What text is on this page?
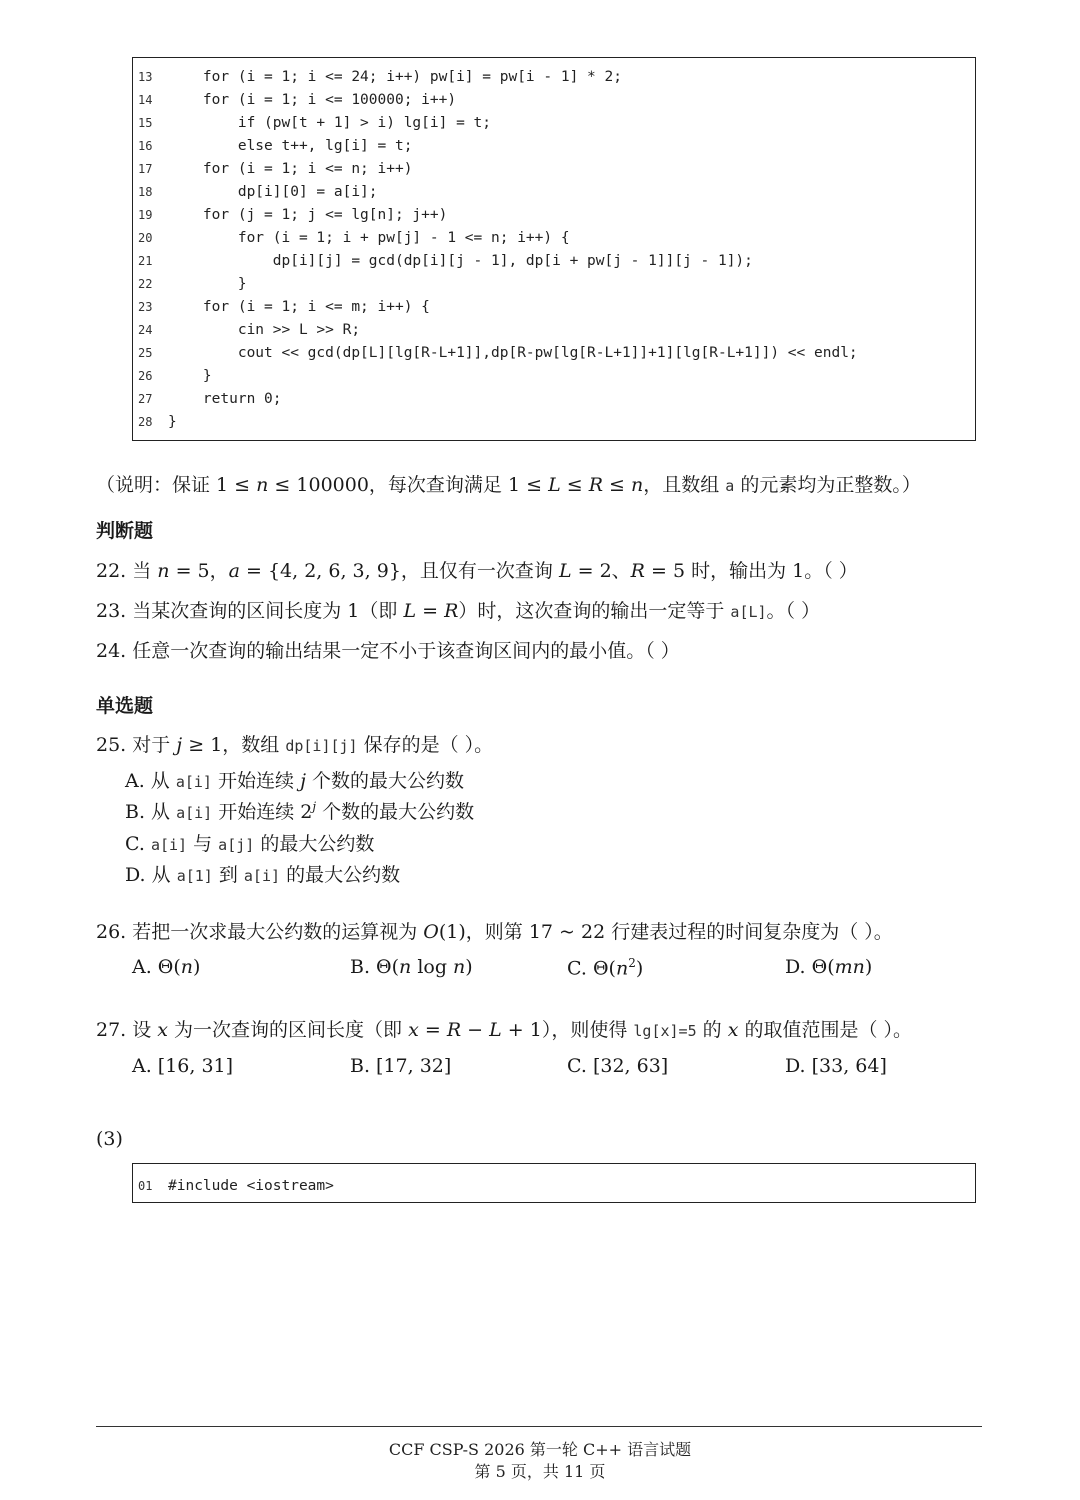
13    for (i = 1; i <= 24; i++) pw[i] = pw[i - 1] * 2;
14    for (i = 1; i <= 100000; i++)
15        if (pw[t + 1] > i) lg[i] = t;
16        else t++, lg[i] = t;
17    for (i = 1; i <= n; i++)
18        dp[i][0] = a[i];
19    for (j = 1; j <= lg[n]; j++)
20        for (i = 1; i + pw[j] - 1 <= n; i++) {
21            dp[i][j] = gcd(dp[i][j - 1], dp[i + pw[j - 1]][j - 1]);
22        }
23    for (i = 1; i <= m; i++) {
24        cin >> L >> R;
25        cout << gcd(dp[L][lg[R-L+1]],dp[R-pw[lg[R-L+1]]+1][lg[R-L+1]]) << endl;
26    }
27    return 0;
28 }
（说明：保证 1 ≤ n ≤ 100000，每次查询满足 1 ≤ L ≤ R ≤ n，且数组 a 的元素均为正整数。）
判断题
22. 当 n = 5，a = {4, 2, 6, 3, 9}，且仅有一次查询 L = 2、R = 5 时，输出为 1。（ ）
23. 当某次查询的区间长度为 1（即 L = R）时，这次查询的输出一定等于 a[L]。（ ）
24. 任意一次查询的输出结果一定不小于该查询区间内的最小值。（ ）
单选题
25. 对于 j ≥ 1，数组 dp[i][j] 保存的是（ ）。
A. 从 a[i] 开始连续 j 个数的最大公约数
B. 从 a[i] 开始连续 2$^j$ 个数的最大公约数
C. a[i] 与 a[j] 的最大公约数
D. 从 a[1] 到 a[i] 的最大公约数
26. 若把一次求最大公约数的运算视为 O(1)，则第 17 ~ 22 行建表过程的时间复杂度为（ ）。
A. Θ(n)	B. Θ(n log n)	C. $\Theta(n^2)$	D. Θ(mn)
27. 设 x 为一次查询的区间长度（即 x = R − L + 1），则使得 lg[x]=5 的 x 的取值范围是（ ）。
A. [16, 31]	B. [17, 32]	C. [32, 63]	D. [33, 64]
(3)
01 #include <iostream>
CCF CSP-S 2026 第一轮 C++ 语言试题
第 5 页，共 11 页
